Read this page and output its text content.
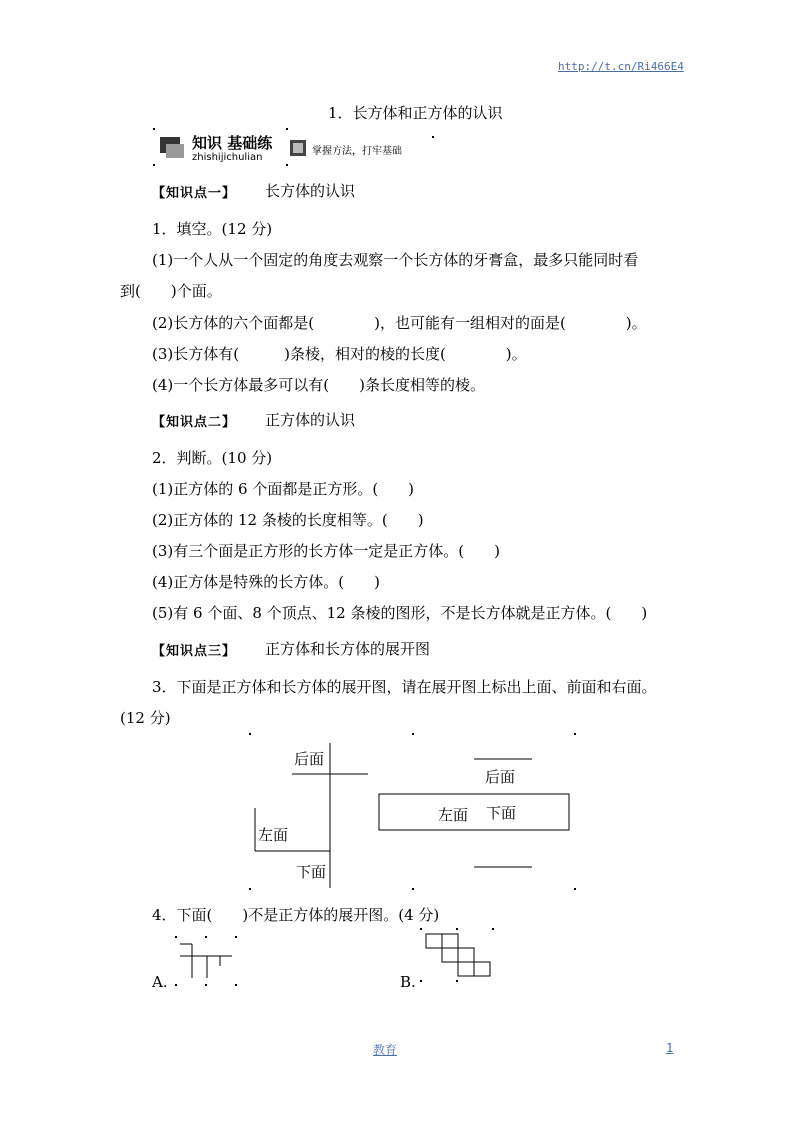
http://t.cn/Ri466E4
1．长方体和正方体的认识
知识 基础练
zhishijichulian
掌握方法，打牢基础
【知识点一】 长方体的认识
1．填空。(12 分)
(1)一个人从一个固定的角度去观察一个长方体的牙膏盒，最多只能同时看
到(　　)个面。
(2)长方体的六个面都是(　　　　)，也可能有一组相对的面是(　　　　)。
(3)长方体有(　　　)条棱，相对的棱的长度(　　　　)。
(4)一个长方体最多可以有(　　)条长度相等的棱。
【知识点二】 正方体的认识
2．判断。(10 分)
(1)正方体的 6 个面都是正方形。(　　)
(2)正方体的 12 条棱的长度相等。(　　)
(3)有三个面是正方形的长方体一定是正方体。(　　)
(4)正方体是特殊的长方体。(　　)
(5)有 6 个面、8 个顶点、12 条棱的图形，不是长方体就是正方体。(　　)
【知识点三】 正方体和长方体的展开图
3．下面是正方体和长方体的展开图，请在展开图上标出上面、前面和右面。
(12 分)
后面
左面
下面
后面
左面 下面
4．下面(　　)不是正方体的展开图。(4 分)
A.	B.
教育	1
